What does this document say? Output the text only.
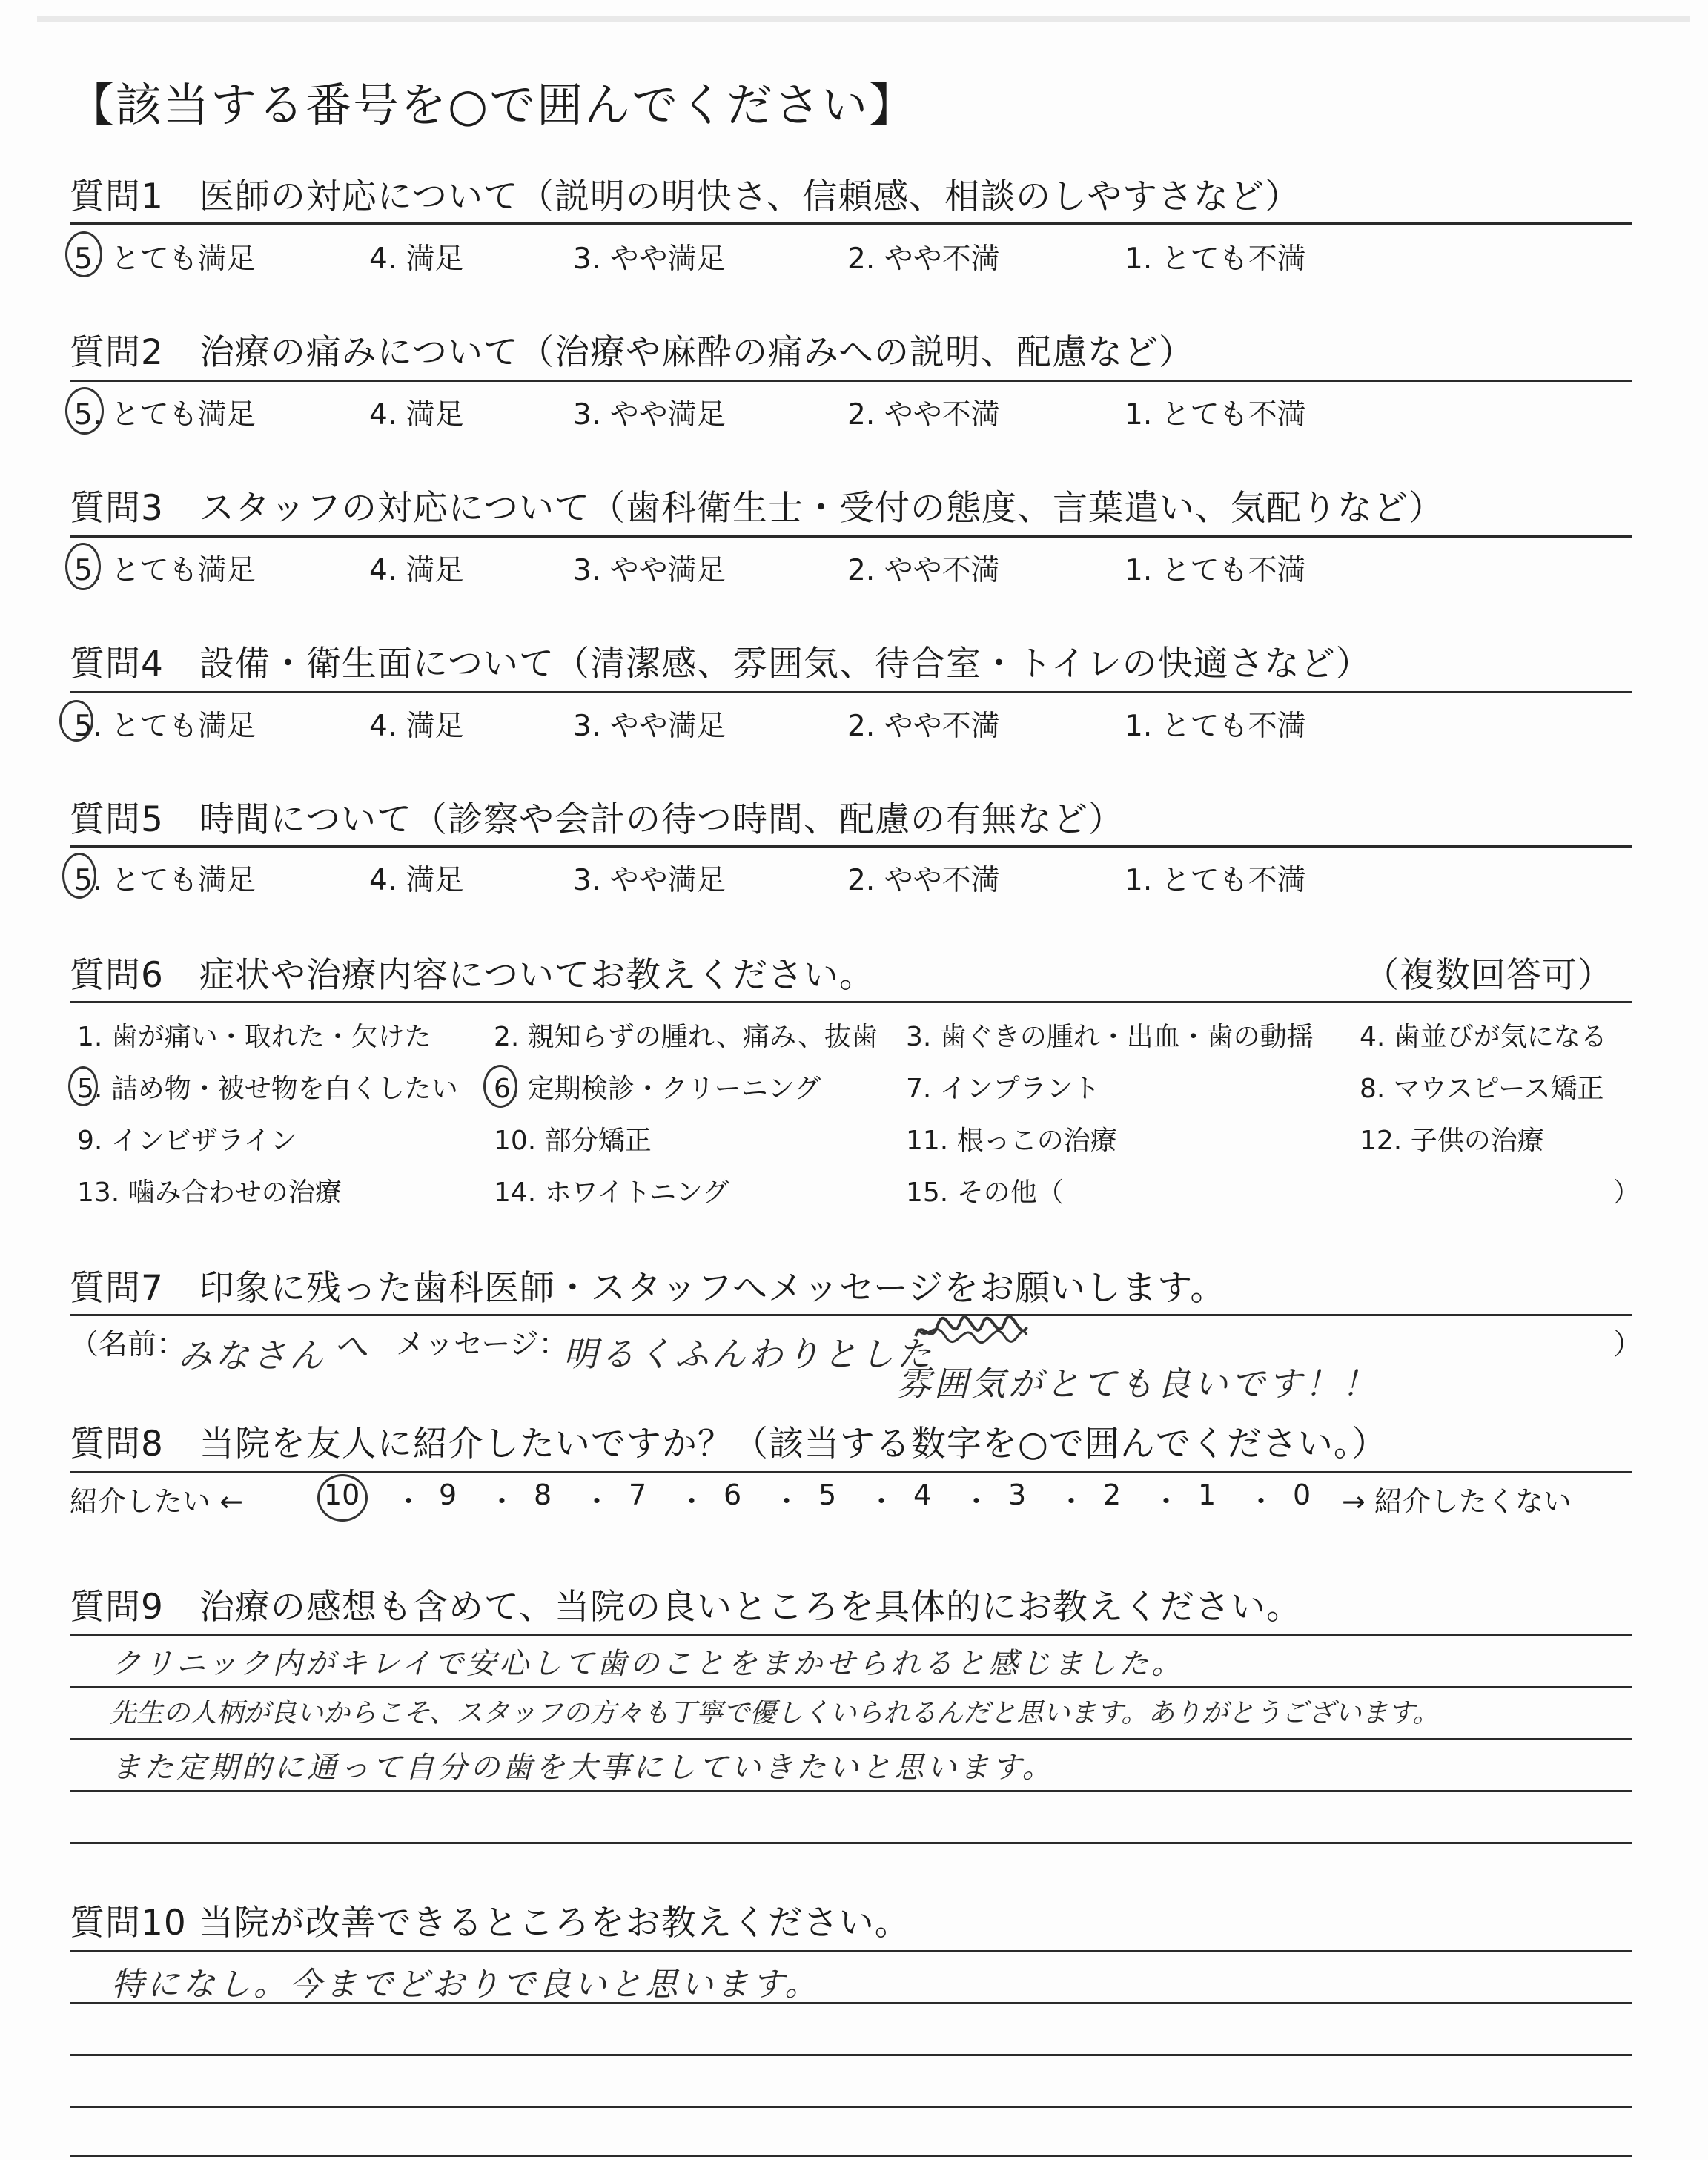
【該当する番号を○で囲んでください】
質問1　医師の対応について（説明の明快さ、信頼感、相談のしやすさなど）
5. とても満足	4. 満足	3. やや満足	2. やや不満	1. とても不満
質問2　治療の痛みについて（治療や麻酔の痛みへの説明、配慮など）
5. とても満足	4. 満足	3. やや満足	2. やや不満	1. とても不満
質問3　スタッフの対応について（歯科衛生士・受付の態度、言葉遣い、気配りなど）
5. とても満足	4. 満足	3. やや満足	2. やや不満	1. とても不満
質問4　設備・衛生面について（清潔感、雰囲気、待合室・トイレの快適さなど）
5. とても満足	4. 満足	3. やや満足	2. やや不満	1. とても不満
質問5　時間について（診察や会計の待つ時間、配慮の有無など）
5. とても満足	4. 満足	3. やや満足	2. やや不満	1. とても不満
質問6　症状や治療内容についてお教えください。	（複数回答可）
1. 歯が痛い・取れた・欠けた 2. 親知らずの腫れ、痛み、抜歯 3. 歯ぐきの腫れ・出血・歯の動揺 4. 歯並びが気になる
5. 詰め物・被せ物を白くしたい 6. 定期検診・クリーニング	7. インプラント	8. マウスピース矯正
9. インビザライン	10. 部分矯正	11. 根っこの治療	12. 子供の治療
13. 噛み合わせの治療	14. ホワイトニング	15. その他（	）
質問7　印象に残った歯科医師・スタッフへメッセージをお願いします。
（名前：
みなさん へ メッセージ：
明るくふんわりとした
雰囲気がとても良いです！！
）
質問8　当院を友人に紹介したいですか？（該当する数字を○で囲んでください。）
紹介したい ←	10 ・ 9 ・ 8 ・ 7 ・ 6 ・ 5 ・ 4 ・ 3 ・ 2 ・ 1 ・ 0 → 紹介したくない
質問9　治療の感想も含めて、当院の良いところを具体的にお教えください。
クリニック内がキレイで安心して歯のことをまかせられると感じました。
先生の人柄が良いからこそ、スタッフの方々も丁寧で優しくいられるんだと思います。ありがとうございます。
また定期的に通って自分の歯を大事にしていきたいと思います。
質問10 当院が改善できるところをお教えください。
特になし。今までどおりで良いと思います。
